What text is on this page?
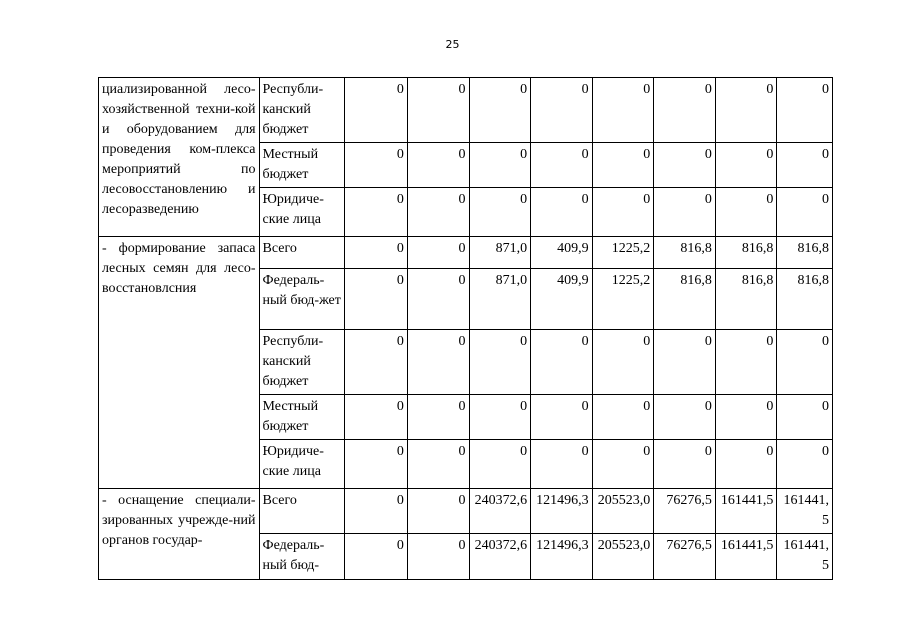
25
циализированной лесо-хозяйственной техни-кой и оборудованием для проведения ком-плекса мероприятий по лесовосстановлению и лесоразведению	Республи-канский бюджет	0	0	0	0	0	0	0	0
	Местный бюджет	0	0	0	0	0	0	0	0
	Юридиче-ские лица	0	0	0	0	0	0	0	0
- формирование запаса лесных семян для лесо-восстановлсния	Всего	0	0	871,0	409,9	1225,2	816,8	816,8	816,8
	Федераль-ный бюд-жет	0	0	871,0	409,9	1225,2	816,8	816,8	816,8
	Республи-канский бюджет	0	0	0	0	0	0	0	0
	Местный бюджет	0	0	0	0	0	0	0	0
	Юридиче-ские лица	0	0	0	0	0	0	0	0
- оснащение специали-зированных учрежде-ний органов государ-	Всего	0	0	240372,6	121496,3	205523,0	76276,5	161441,5	161441,5
	Федераль-ный бюд-	0	0	240372,6	121496,3	205523,0	76276,5	161441,5	161441,5
